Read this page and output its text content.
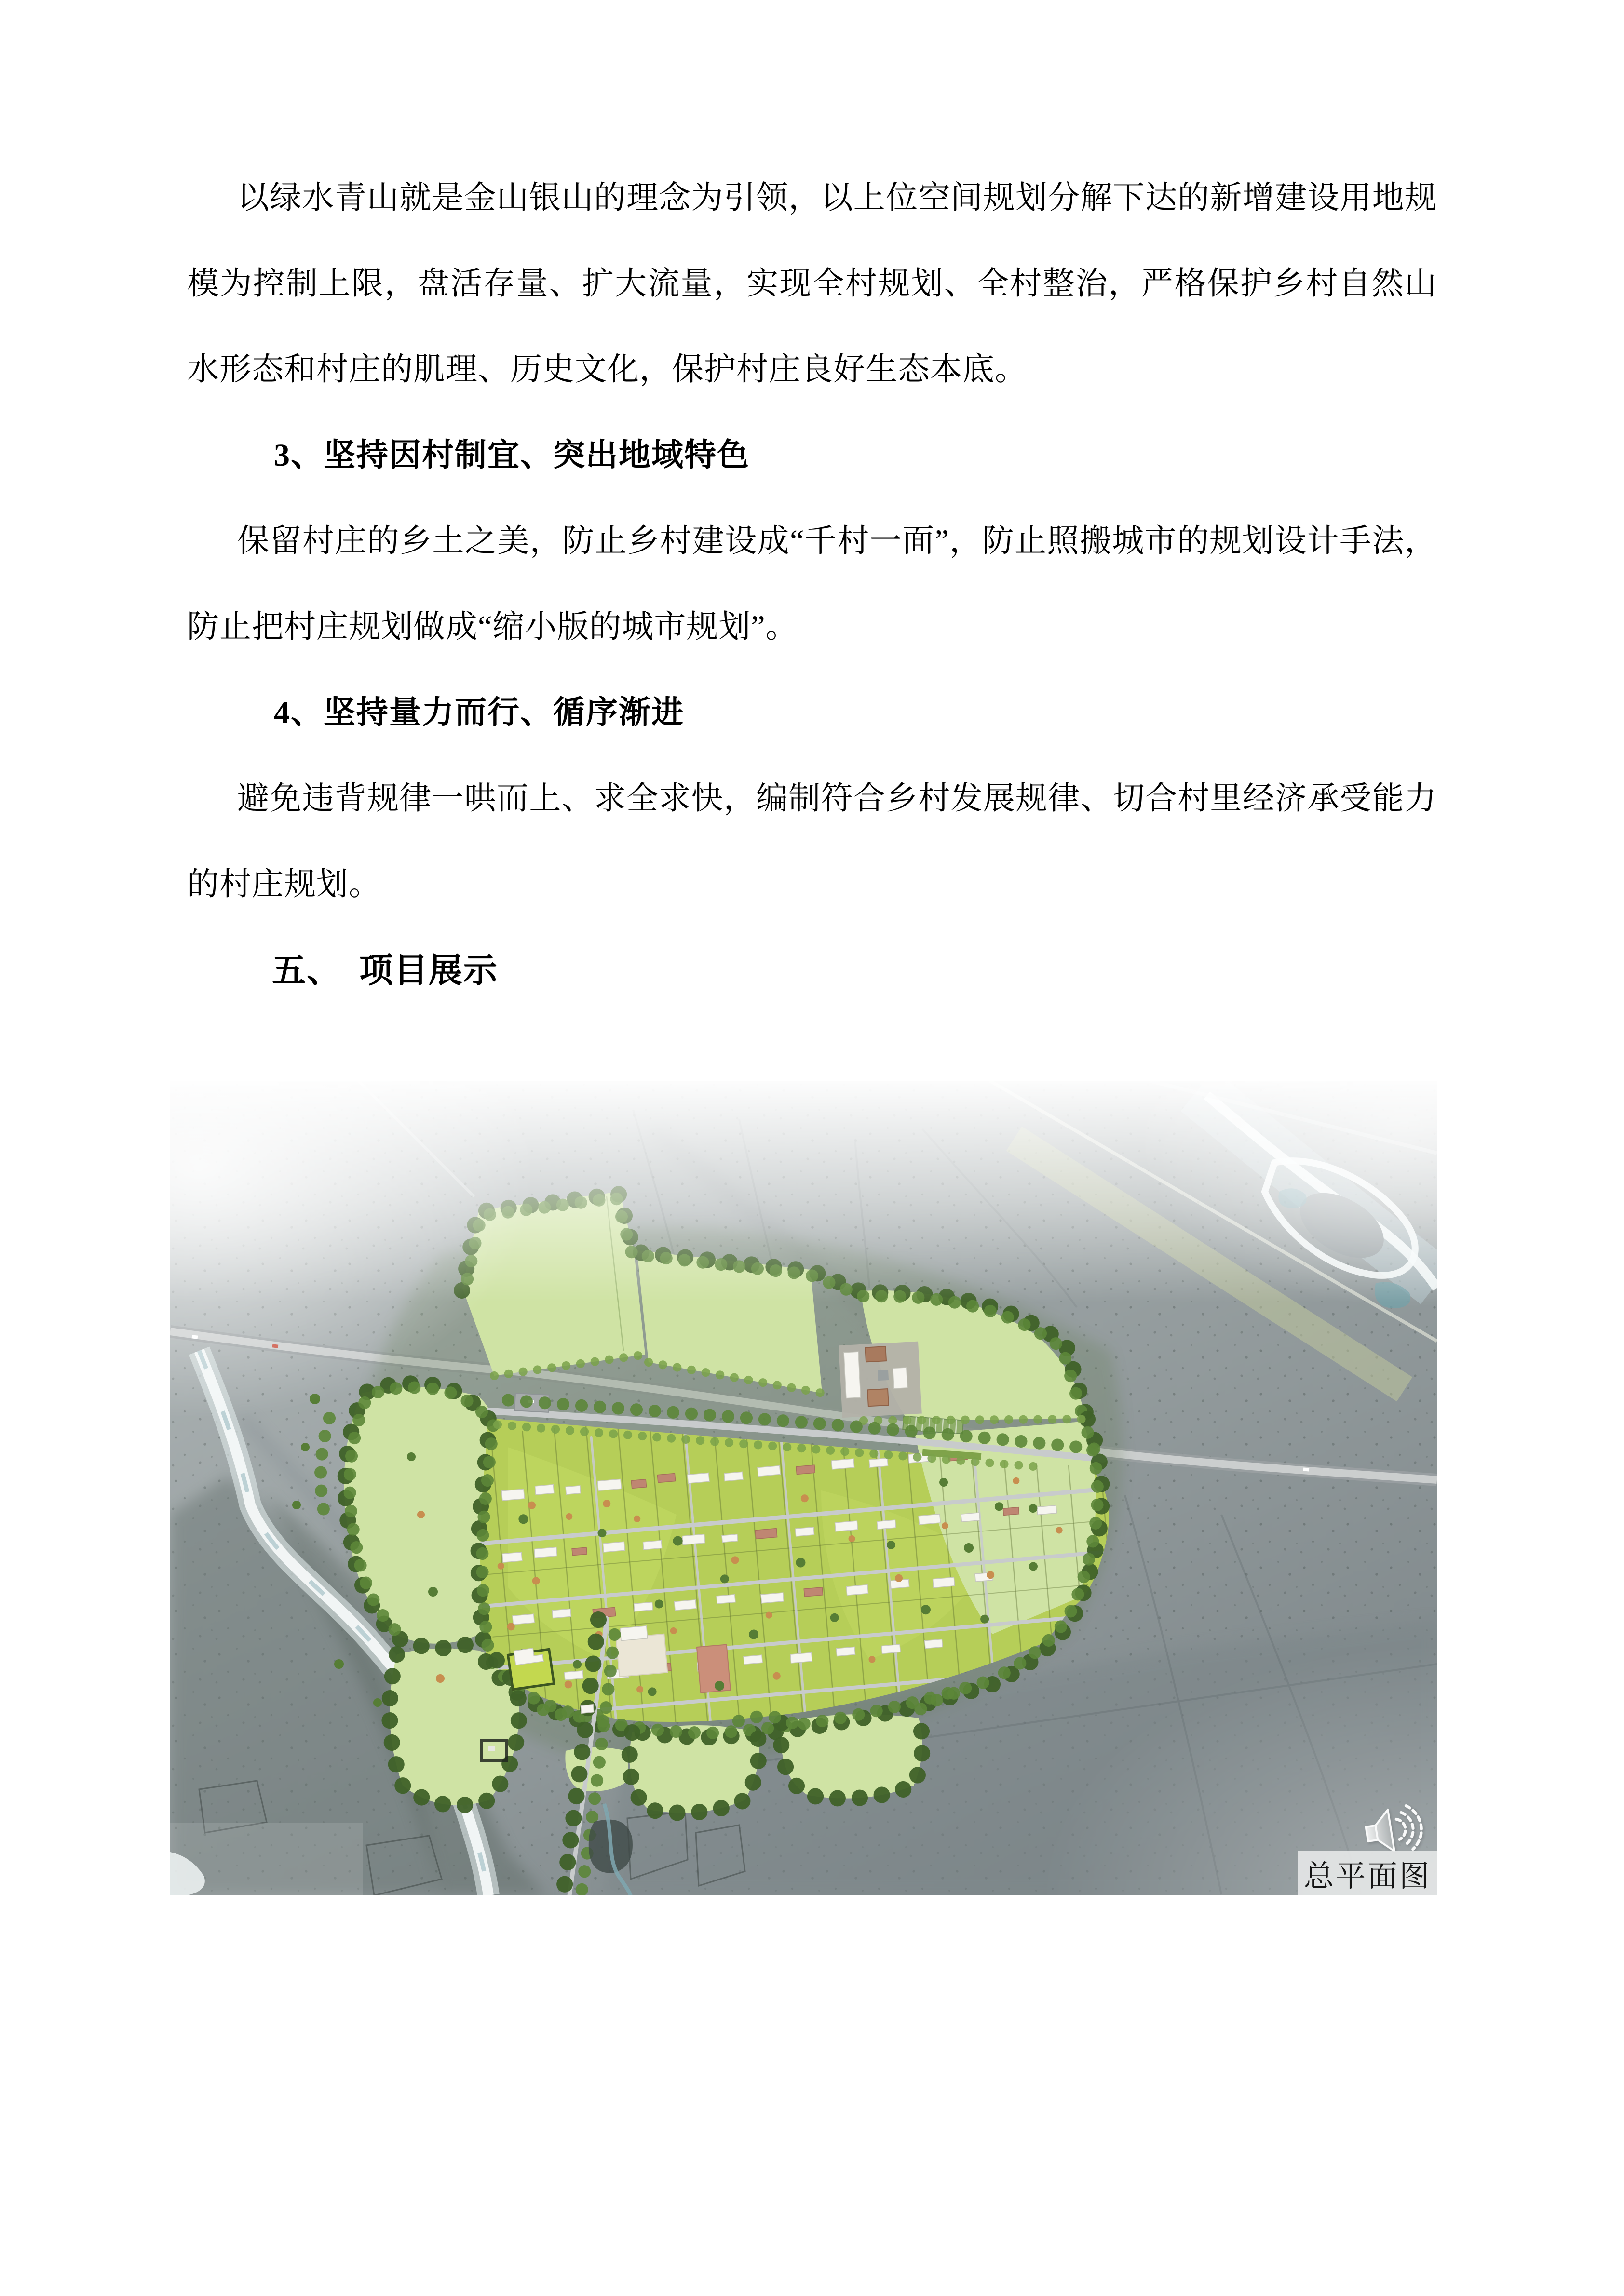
以绿水青山就是金山银山的理念为引领，以上位空间规划分解下达的新增建设用地规模为控制上限，盘活存量、扩大流量，实现全村规划、全村整治，严格保护乡村自然山水形态和村庄的肌理、历史文化，保护村庄良好生态本底。

3、坚持因村制宜、突出地域特色

保留村庄的乡土之美，防止乡村建设成“千村一面”，防止照搬城市的规划设计手法，防止把村庄规划做成“缩小版的城市规划”。

4、坚持量力而行、循序渐进

避免违背规律一哄而上、求全求快，编制符合乡村发展规律、切合村里经济承受能力的村庄规划。

五、　项目展示
总平面图
